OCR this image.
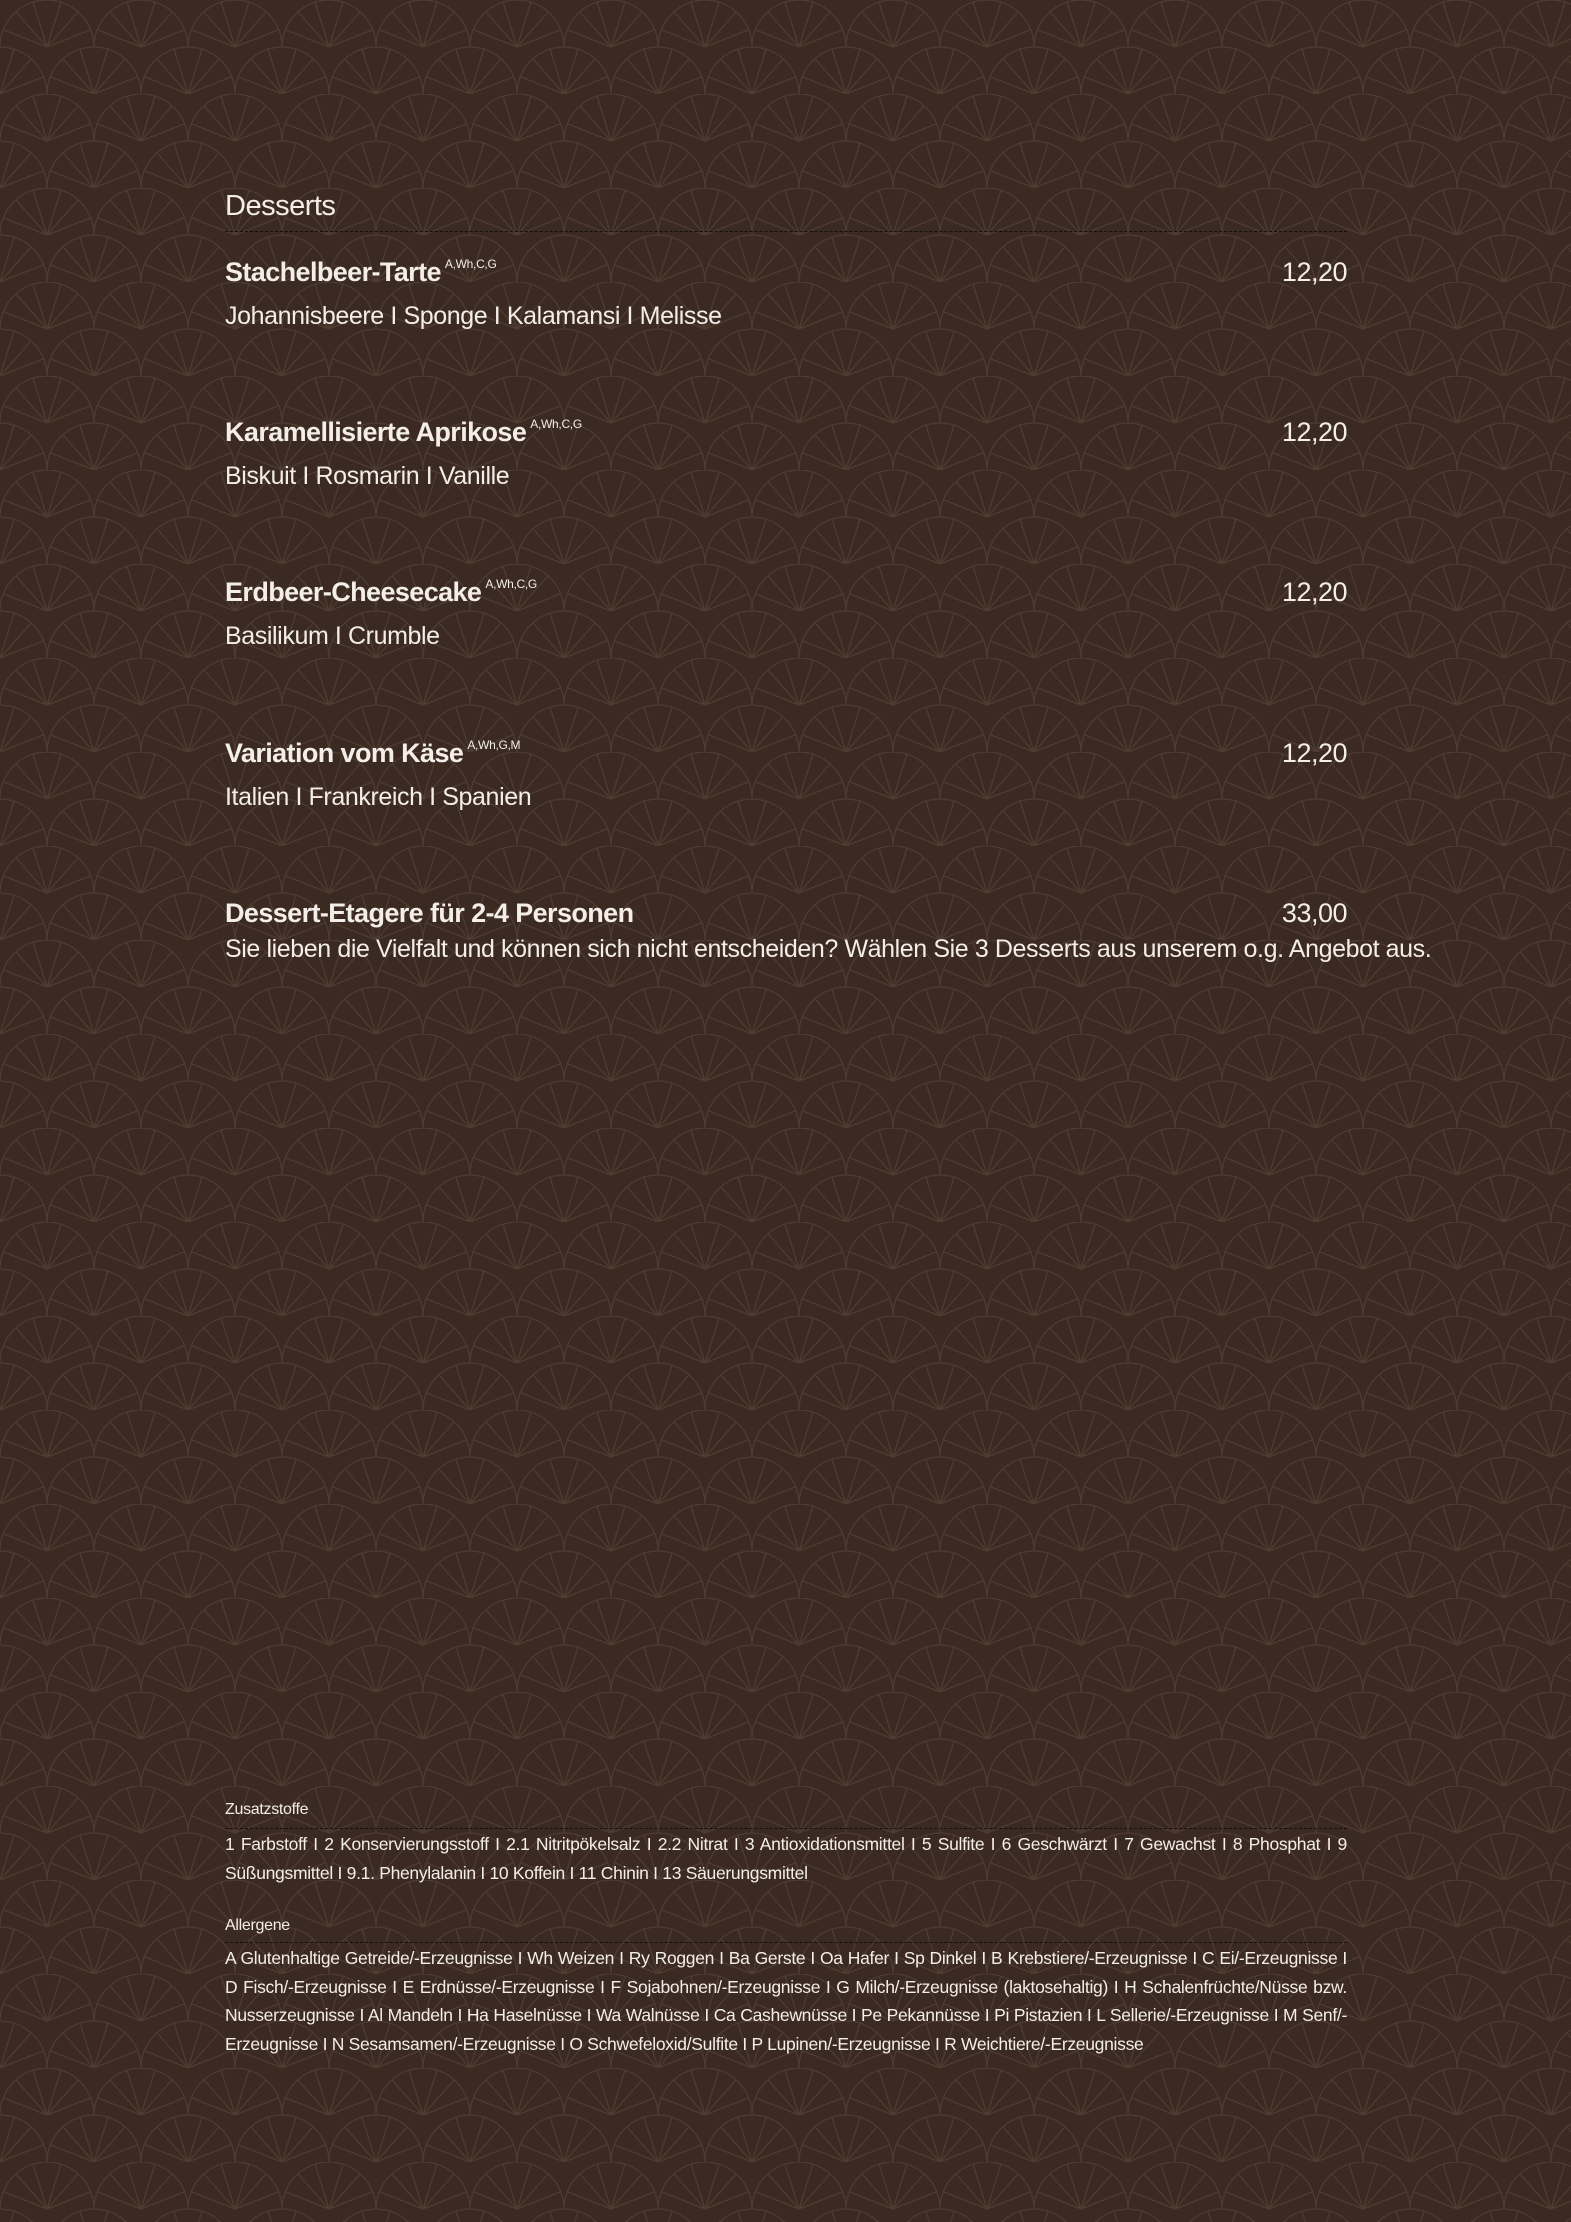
Desserts
Stachelbeer-Tarte $^{A,Wh,C,G}$	12,20
Johannisbeere I Sponge I Kalamansi I Melisse
Karamellisierte Aprikose $^{A,Wh,C,G}$	12,20
Biskuit I Rosmarin I Vanille
Erdbeer-Cheesecake $^{A,Wh,C,G}$	12,20
Basilikum I Crumble
Variation vom Käse $^{A,Wh,G,M}$	12,20
Italien I Frankreich I Spanien
Dessert-Etagere für 2-4 Personen	33,00
Sie lieben die Vielfalt und können sich nicht entscheiden? Wählen Sie 3 Desserts aus unserem o.g. Angebot aus.
Zusatzstoffe
1 Farbstoff I 2 Konservierungsstoff I 2.1 Nitritpökelsalz I 2.2 Nitrat I 3 Antioxidationsmittel I 5 Sulfite I 6 Geschwärzt I 7 Gewachst I 8 Phosphat I 9 Süßungsmittel I 9.1. Phenylalanin I 10 Koffein I 11 Chinin I 13 Säuerungsmittel
Allergene
A Glutenhaltige Getreide/-Erzeugnisse I Wh Weizen I Ry Roggen I Ba Gerste I Oa Hafer I Sp Dinkel I B Krebstiere/-Erzeugnisse I C Ei/-Erzeugnisse I D Fisch/-Erzeugnisse I E Erdnüsse/-Erzeugnisse I F Sojabohnen/-Erzeugnisse I G Milch/-Erzeugnisse (laktosehaltig) I H Schalenfrüchte/Nüsse bzw. Nusserzeugnisse I Al Mandeln I Ha Haselnüsse I Wa Walnüsse I Ca Cashewnüsse I Pe Pekannüsse I Pi Pistazien I L Sellerie/-Erzeugnisse I M Senf/-Erzeugnisse I N Sesamsamen/-Erzeugnisse I O Schwefeloxid/Sulfite I P Lupinen/-Erzeugnisse I R Weichtiere/-Erzeugnisse
